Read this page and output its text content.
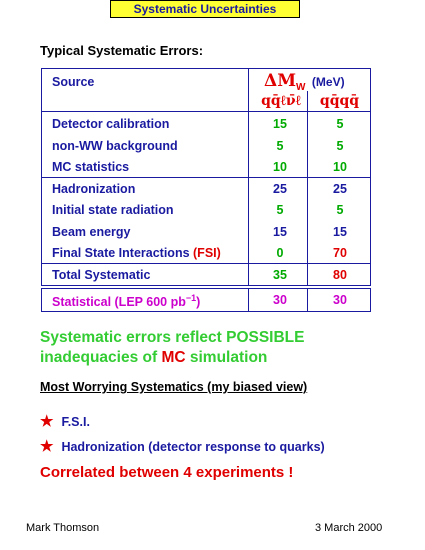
Systematic Uncertainties
Typical Systematic Errors:
Source	$\Delta M_W$ (MeV)
qq̄ℓν̄ℓ	qq̄qq̄
Detector calibration	15	5
non-WW background	5	5
MC statistics	10	10
Hadronization	25	25
Initial state radiation	5	5
Beam energy	15	15
Final State Interactions (FSI)	0	70
Total Systematic	35	80
Statistical (LEP 600 $pb^{-1}$)	30	30
Systematic errors reflect POSSIBLE
inadequacies of MC simulation
Most Worrying Systematics (my biased view)
★ F.S.I.
★ Hadronization (detector response to quarks)
Correlated between 4 experiments !
Mark Thomson	3 March 2000
